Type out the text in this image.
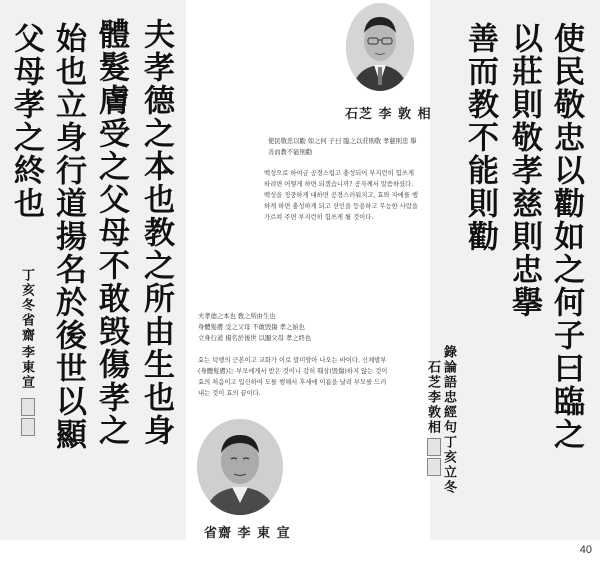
夫孝德之本也教之所由生也身
體髮膚受之父母不敢毁傷孝之
始也立身行道揚名於後世以顯
父母孝之終也
丁亥冬省齋
李東宣	使民敬忠以勸如之何子曰臨之
以莊則敬孝慈則忠擧
善而教不能則勸
錄論語忠經句丁亥立冬
石芝李敦相
石芝 李 敦 相
使民敬忠以勸 如之何 子曰 臨之以莊則敬 孝慈則忠 擧善而教不能則勸
백성으로 하여금 공경스럽고 충성되어 부지런히 힘쓰게 하려면 어떻게 하면 되겠습니까? 공자께서 말씀하셨다. 백성을 정중하게 대하면 공경스러워지고, 효와 자애를 행하게 하면 충성하게 되고 선인을 등용하고 무능한 사람을 가르쳐 주면 부지런히 힘쓰게 될 것이다.
夫孝德之本也 敎之所由生也
身體髮膚 受之父母 不敢毁傷 孝之始也
立身行道 揚名於後世 以顯父母 孝之終也
효는 덕행의 근본이고 교화가 이로 말미암아 나오는 바이다. 신체발부(身體髮膚)는 부모에게서 받은 것이니 감히 훼상(毁傷)하지 않는 것이 효의 처음이고 입신하여 도를 행해서 후세에 이름을 날려 부모를 드러내는 것이 효의 끝이다.
省齋 李 東 宣
40
